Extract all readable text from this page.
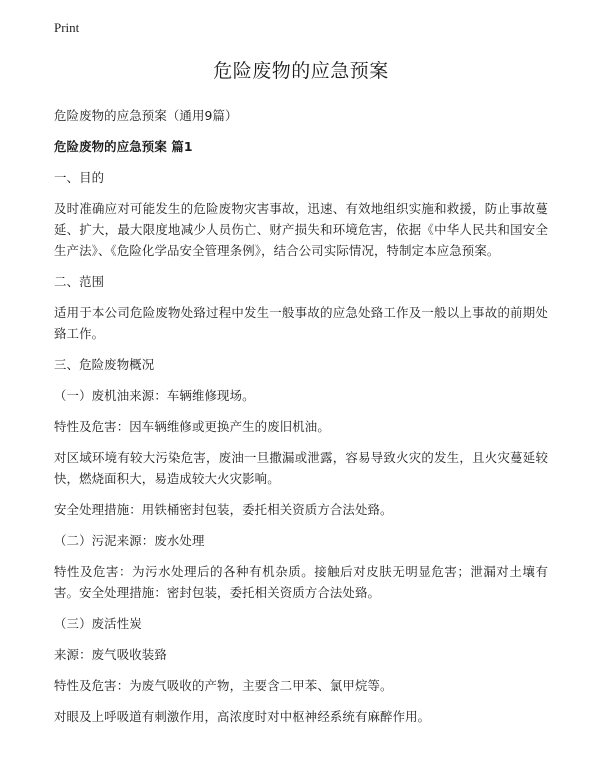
Print
危险废物的应急预案

危险废物的应急预案（通用9篇）

危险废物的应急预案 篇1

一、目的

及时准确应对可能发生的危险废物灾害事故，迅速、有效地组织实施和救援，防止事故蔓延、扩大，最大限度地减少人员伤亡、财产损失和环境危害，依据《中华人民共和国安全生产法》、《危险化学品安全管理条例》，结合公司实际情况，特制定本应急预案。

二、范围

适用于本公司危险废物处臵过程中发生一般事故的应急处臵工作及一般以上事故的前期处臵工作。

三、危险废物概况

（一）废机油来源：车辆维修现场。

特性及危害：因车辆维修或更换产生的废旧机油。

对区域环境有较大污染危害，废油一旦撒漏或泄露，容易导致火灾的发生，且火灾蔓延较快，燃烧面积大，易造成较大火灾影响。

安全处理措施：用铁桶密封包装，委托相关资质方合法处臵。

（二）污泥来源：废水处理

特性及危害：为污水处理后的各种有机杂质。接触后对皮肤无明显危害；泄漏对土壤有害。安全处理措施：密封包装，委托相关资质方合法处臵。

（三）废活性炭

来源：废气吸收装臵

特性及危害：为废气吸收的产物，主要含二甲苯、氯甲烷等。

对眼及上呼吸道有刺激作用，高浓度时对中枢神经系统有麻醉作用。
